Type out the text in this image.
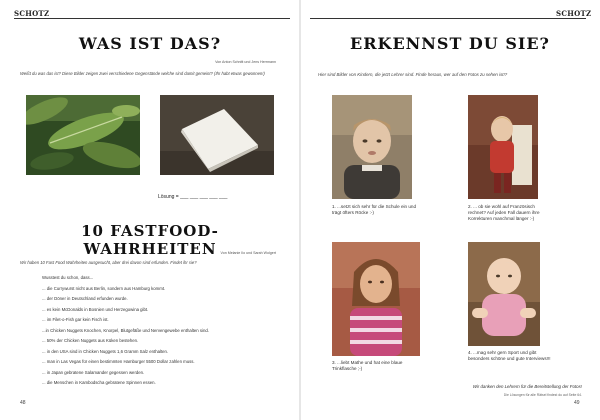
SCHOTZ
WAS IST DAS?
Von Anton Schnitt und Jens Herrmann
Weißt du was das ist? Diese Bilder zeigen zwei verschiedene Gegenstände welche sind damit gemeint? (Ihr habt etwas gewonnen!)
Lösung = ___ ___ ___ ___ ___
10 FASTFOOD-WAHRHEITEN	Von Melanie Ilo und Sarah Wolgert
Wir haben 10 Fast Food Wahrheiten ausgesucht, aber drei davon sind erfunden. Findet ihr sie?
Wusstest du schon, dass...
... die Currywurst nicht aus Berlin, sondern aus Hamburg kommt.
... der Döner in Deutschland erfunden wurde.
... es kein McDonalds in Bosnien und Herzegowina gibt.
... im Filet-o-Fish gar kein Fisch ist.
...in Chicken Nuggets Knochen, Knorpel, Blutgefäße und Nervengewebe enthalten sind.
... 50% der Chicken Nuggets aus Küken bestehen.
... in den USA sind in Chicken Nuggets 1,6 Gramm Salz enthalten.
... man in Las Vegas für einen bestimmten Hamburger 5500 Dollar zahlen muss.
... in Japan gebratene Salamander gegessen werden.
... die Menschen in Kambodscha gebratene Spinnen essen.
48
SCHOTZ
ERKENNST DU SIE?
Hier sind Bilder von Kindern, die jetzt Lehrer sind. Finde heraus, wer auf den Fotos zu sehen ist!?
1. ...setzt sich sehr für die Schule ein und trägt öfters Röcke :-)
2. ... ob sie wohl auf Französisch rechnet? Auf jeden Fall dauern ihre Korrekturen manchmal länger :-)
3. ...liebt Mathe und hat eine blaue Trinkflasche ;-)
4. ...mag sehr gern Sport und gibt besonders schöne und gute Interviews!!!
Wir danken den Lehrern für die Bereitstellung der Fotos!
Die Lösungen für alle Rätsel findest du auf Seite 64.
49
